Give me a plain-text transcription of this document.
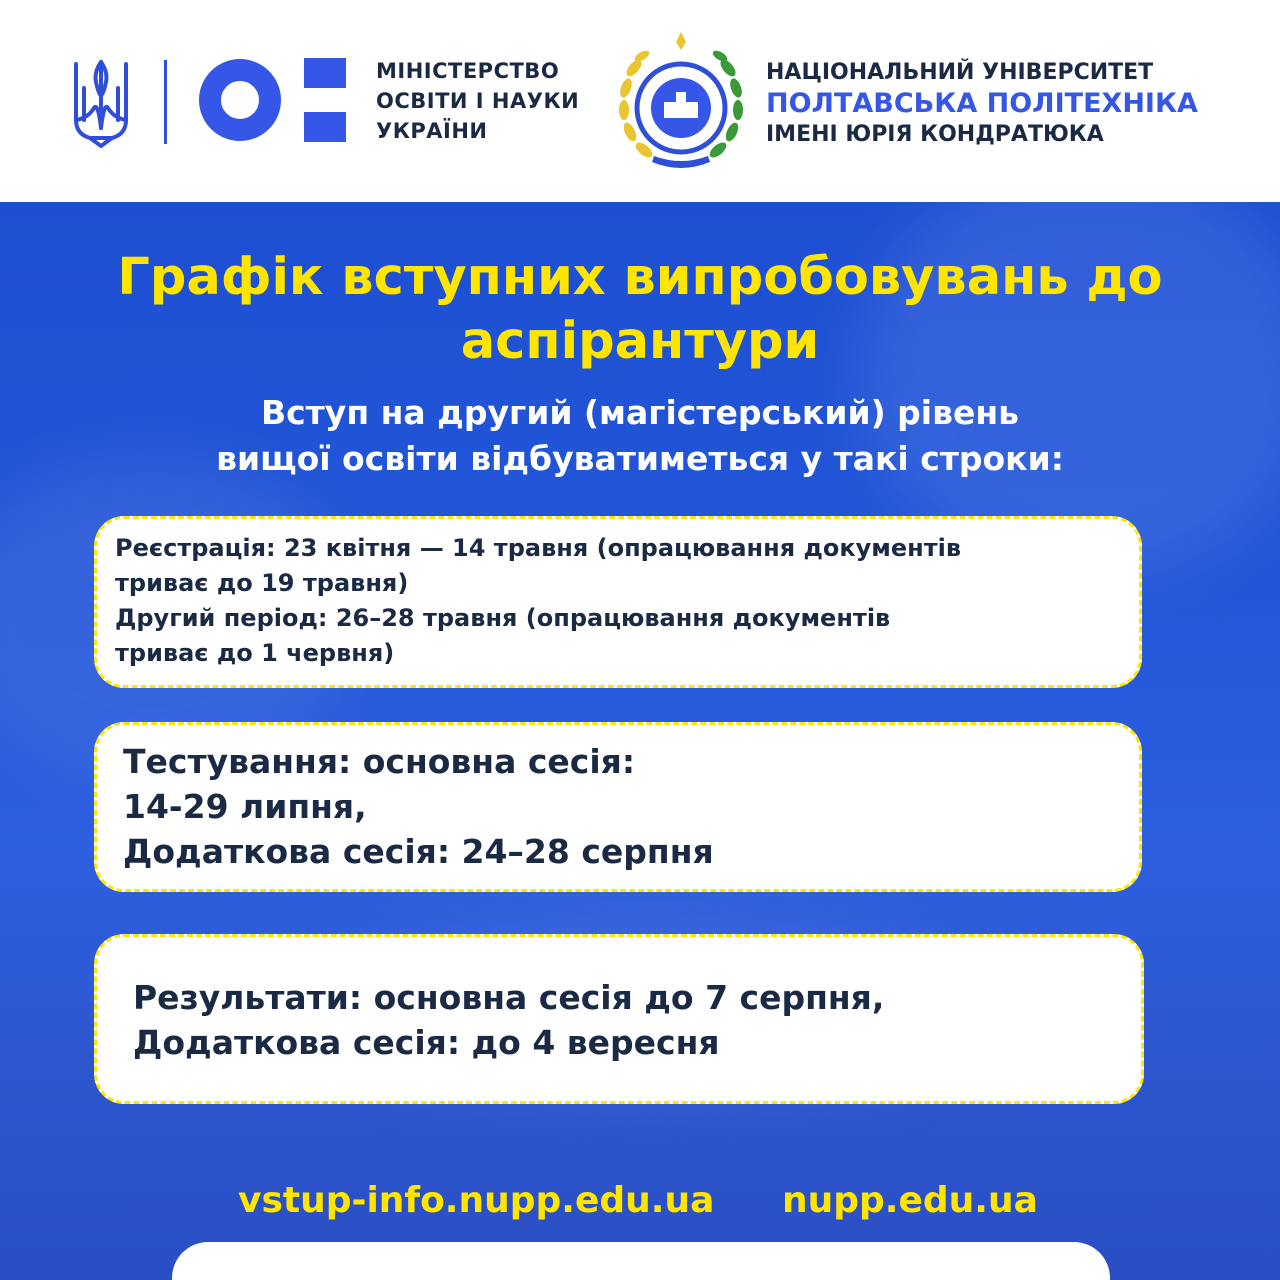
МІНІСТЕРСТВО
ОСВІТИ І НАУКИ
УКРАЇНИ
НАЦІОНАЛЬНИЙ УНІВЕРСИТЕТ
ПОЛТАВСЬКА ПОЛІТЕХНІКА
ІМЕНІ ЮРІЯ КОНДРАТЮКА
Графік вступних випробовувань до
аспірантури
Вступ на другий (магістерський) рівень
вищої освіти відбуватиметься у такі строки:
Реєстрація: 23 квітня — 14 травня (опрацювання документів
триває до 19 травня)
Другий період: 26–28 травня (опрацювання документів
триває до 1 червня)
Тестування: основна сесія:
14-29 липня,
Додаткова сесія: 24–28 серпня
Результати: основна сесія до 7 серпня,
Додаткова сесія: до 4 вересня
vstup-info.nupp.edu.ua nupp.edu.ua
